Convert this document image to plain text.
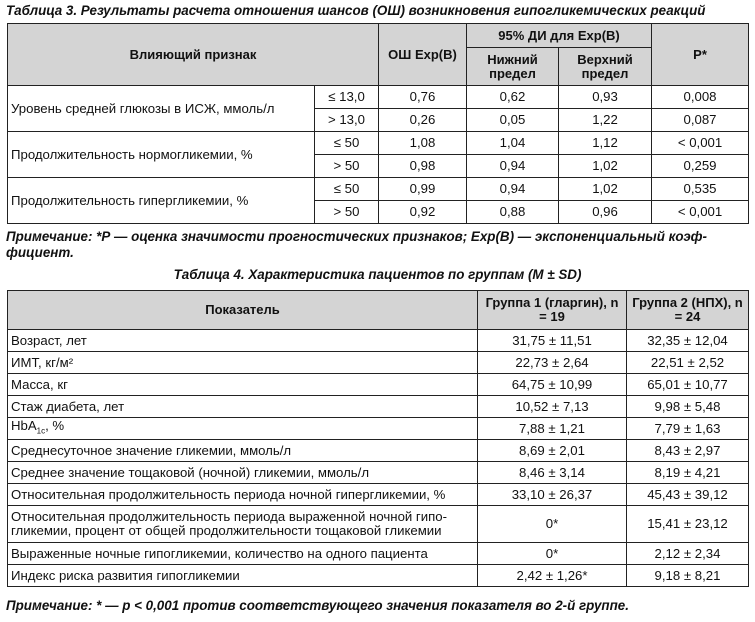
Таблица 3. Результаты расчета отношения шансов (ОШ) возникновения гипогликемических реакций
Влияющий признак		ОШ Exp(B)	95% ДИ для Exp(B)		P*
			Нижний предел	Верхний предел	
Уровень средней глюкозы в ИСЖ, ммоль/л	≤ 13,0	0,76	0,62	0,93	0,008
	> 13,0	0,26	0,05	1,22	0,087
Продолжительность нормогликемии, %	≤ 50	1,08	1,04	1,12	< 0,001
	> 50	0,98	0,94	1,02	0,259
Продолжительность гипергликемии, %	≤ 50	0,99	0,94	1,02	0,535
	> 50	0,92	0,88	0,96	< 0,001
Примечание: *Р — оценка значимости прогностических признаков; Exp(B) — экспоненциальный коэффициент.
Таблица 4. Характеристика пациентов по группам (M ± SD)
Показатель	Группа 1 (гларгин), n = 19	Группа 2 (НПХ), n = 24
Возраст, лет	31,75 ± 11,51	32,35 ± 12,04
ИМТ, кг/м²	22,73 ± 2,64	22,51 ± 2,52
Масса, кг	64,75 ± 10,99	65,01 ± 10,77
Стаж диабета, лет	10,52 ± 7,13	9,98 ± 5,48
HbA$_{1c}$, %	7,88 ± 1,21	7,79 ± 1,63
Среднесуточное значение гликемии, ммоль/л	8,69 ± 2,01	8,43 ± 2,97
Среднее значение тощаковой (ночной) гликемии, ммоль/л	8,46 ± 3,14	8,19 ± 4,21
Относительная продолжительность периода ночной гипергликемии, %	33,10 ± 26,37	45,43 ± 39,12
Относительная продолжительность периода выраженной ночной гипогликемии, процент от общей продолжительности тощаковой гликемии	0*	15,41 ± 23,12
Выраженные ночные гипогликемии, количество на одного пациента	0*	2,12 ± 2,34
Индекс риска развития гипогликемии	2,42 ± 1,26*	9,18 ± 8,21
Примечание: * — р < 0,001 против соответствующего значения показателя во 2-й группе.
